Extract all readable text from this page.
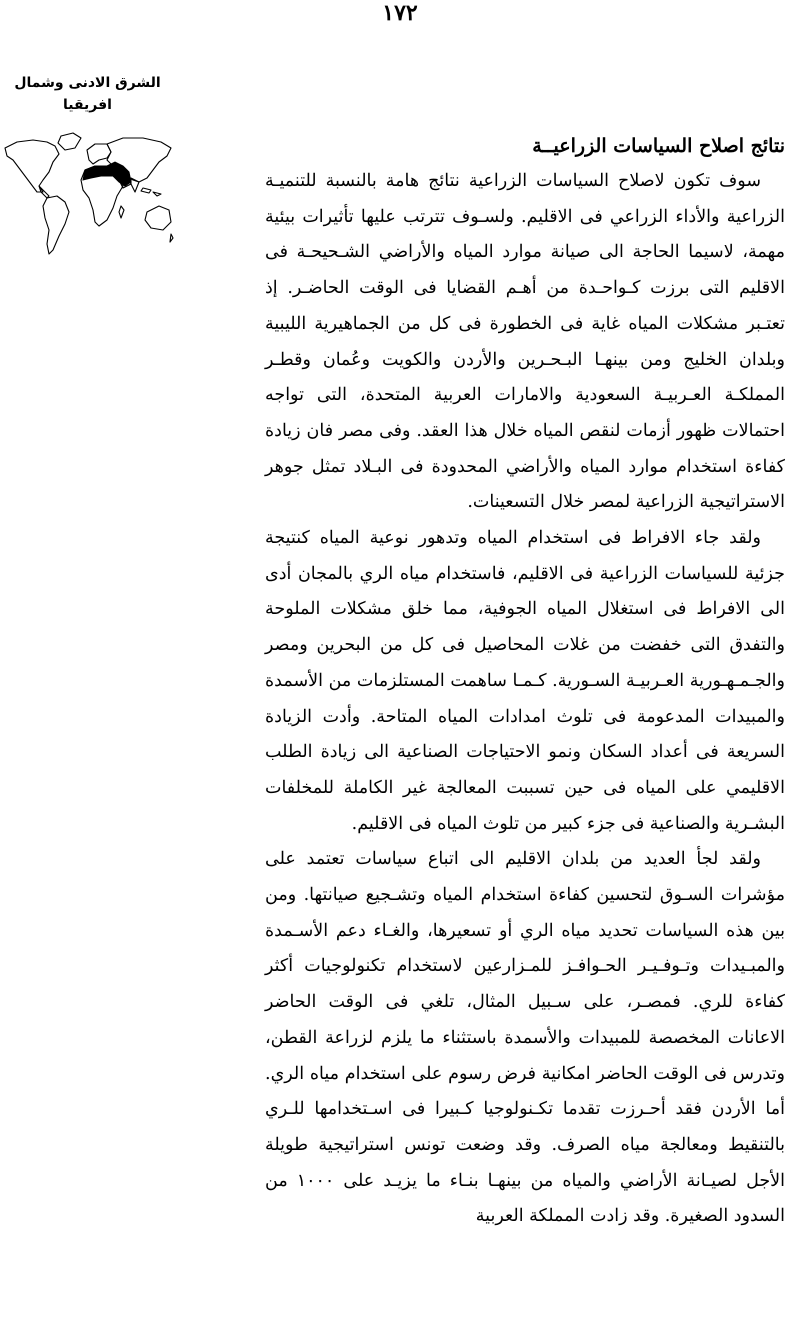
١٧٢

الشرق الادنى وشمال افريقيا

نتائج اصلاح السياسات الزراعيــة

سوف تكون لاصلاح السياسات الزراعية نتائج هامة بالنسبة للتنميـة الزراعية والأداء الزراعي فى الاقليم. ولسـوف تترتب عليها تأثيرات بيئية مهمة، لاسيما الحاجة الى صيانة موارد المياه والأراضي الشـحيحـة فى الاقليم التى برزت كـواحـدة من أهـم القضايا فى الوقت الحاضـر. إذ تعتـبر مشكلات المياه غاية فى الخطورة فى كل من الجماهيرية الليبية وبلدان الخليج ومن بينهـا البـحـرين والأردن والكويت وعُمان وقطـر المملكـة العـربيـة السعودية والامارات العربية المتحدة، التى تواجه احتمالات ظهور أزمات لنقص المياه خلال هذا العقد. وفى مصر فان زيادة كفاءة استخدام موارد المياه والأراضي المحدودة فى البـلاد تمثل جوهر الاستراتيجية الزراعية لمصر خلال التسعينات.

ولقد جاء الافراط فى استخدام المياه وتدهور نوعية المياه كنتيجة جزئية للسياسات الزراعية فى الاقليم، فاستخدام مياه الري بالمجان أدى الى الافراط فى استغلال المياه الجوفية، مما خلق مشكلات الملوحة والتفدق التى خفضت من غلات المحاصيل فى كل من البحرين ومصر والجـمـهـورية العـربيـة السـورية. كـمـا ساهمت المستلزمات من الأسمدة والمبيدات المدعومة فى تلوث امدادات المياه المتاحة. وأدت الزيادة السريعة فى أعداد السكان ونمو الاحتياجات الصناعية الى زيادة الطلب الاقليمي على المياه فى حين تسببت المعالجة غير الكاملة للمخلفات البشـرية والصناعية فى جزء كبير من تلوث المياه فى الاقليم.

ولقد لجأ العديد من بلدان الاقليم الى اتباع سياسات تعتمد على مؤشرات السـوق لتحسين كفاءة استخدام المياه وتشـجيع صيانتها. ومن بين هذه السياسات تحديد مياه الري أو تسعيرها، والغـاء دعم الأسـمدة والمبـيدات وتـوفـيـر الحـوافـز للمـزارعين لاستخدام تكنولوجيات أكثر كفاءة للري. فمصـر، على سـبيل المثال، تلغي فى الوقت الحاضر الاعانات المخصصة للمبيدات والأسمدة باستثناء ما يلزم لزراعة القطن، وتدرس فى الوقت الحاضر امكانية فرض رسوم على استخدام مياه الري. أما الأردن فقد أحـرزت تقدما تكـنولوجيا كـبيرا فى اسـتخدامها للـري بالتنقيط ومعالجة مياه الصرف. وقد وضعت تونس استراتيجية طويلة الأجل لصيـانة الأراضي والمياه من بينهـا بنـاء ما يزيـد على ١٠٠٠ من السدود الصغيرة. وقد زادت المملكة العربية
